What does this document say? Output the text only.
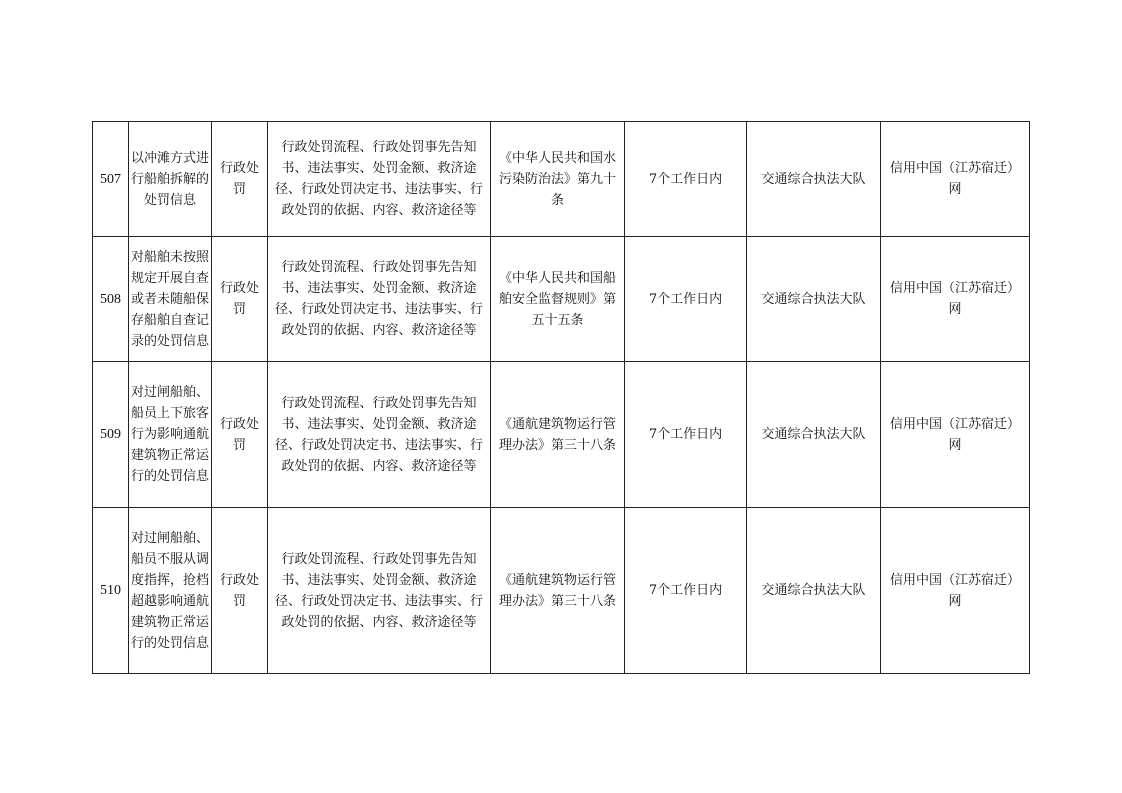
507	以冲滩方式进行船舶拆解的处罚信息	行政处罚	行政处罚流程、行政处罚事先告知书、违法事实、处罚金额、救济途径、行政处罚决定书、违法事实、行政处罚的依据、内容、救济途径等	《中华人民共和国水污染防治法》第九十条	7个工作日内	交通综合执法大队	信用中国（江苏宿迁）网
508	对船舶未按照规定开展自查或者未随船保存船舶自查记录的处罚信息	行政处罚	行政处罚流程、行政处罚事先告知书、违法事实、处罚金额、救济途径、行政处罚决定书、违法事实、行政处罚的依据、内容、救济途径等	《中华人民共和国船舶安全监督规则》第五十五条	7个工作日内	交通综合执法大队	信用中国（江苏宿迁）网
509	对过闸船舶、船员上下旅客行为影响通航建筑物正常运行的处罚信息	行政处罚	行政处罚流程、行政处罚事先告知书、违法事实、处罚金额、救济途径、行政处罚决定书、违法事实、行政处罚的依据、内容、救济途径等	《通航建筑物运行管理办法》第三十八条	7个工作日内	交通综合执法大队	信用中国（江苏宿迁）网
510	对过闸船舶、船员不服从调度指挥，抢档超越影响通航建筑物正常运行的处罚信息	行政处罚	行政处罚流程、行政处罚事先告知书、违法事实、处罚金额、救济途径、行政处罚决定书、违法事实、行政处罚的依据、内容、救济途径等	《通航建筑物运行管理办法》第三十八条	7个工作日内	交通综合执法大队	信用中国（江苏宿迁）网
